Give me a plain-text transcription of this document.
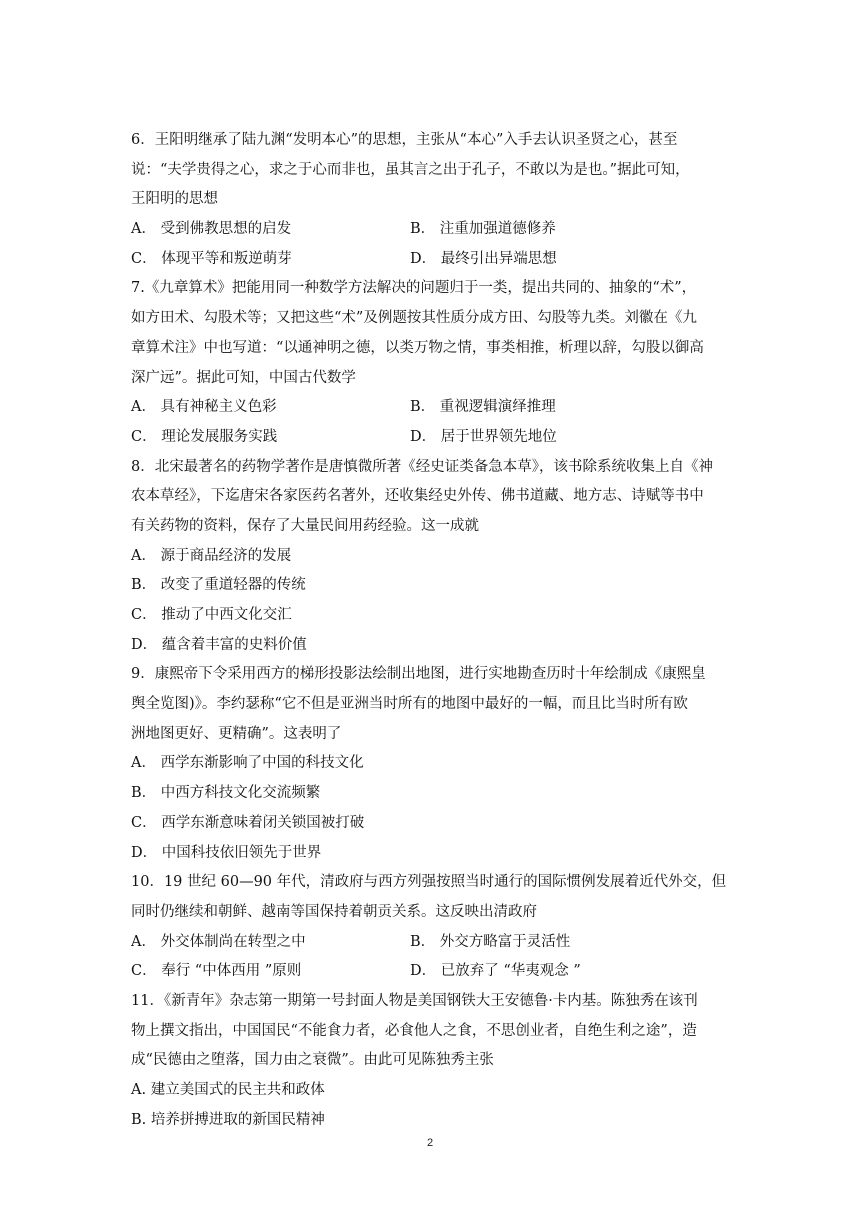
6．王阳明继承了陆九渊“发明本心”的思想，主张从“本心”入手去认识圣贤之心，甚至
说：“夫学贵得之心，求之于心而非也，虽其言之出于孔子，不敢以为是也。”据此可知，
王阳明的思想
A． 受到佛教思想的启发	B． 注重加强道德修养
C． 体现平等和叛逆萌芽	D． 最终引出异端思想
7.《九章算术》把能用同一种数学方法解决的问题归于一类，提出共同的、抽象的“术”，
如方田术、勾股术等；又把这些“术”及例题按其性质分成方田、勾股等九类。刘徽在《九
章算术注》中也写道：“以通神明之德，以类万物之情，事类相推，析理以辞，勾股以御高
深广远”。据此可知，中国古代数学
A． 具有神秘主义色彩	B． 重视逻辑演绎推理
C． 理论发展服务实践	D． 居于世界领先地位
8．北宋最著名的药物学著作是唐慎微所著《经史证类备急本草》，该书除系统收集上自《神
农本草经》，下迄唐宋各家医药名著外，还收集经史外传、佛书道藏、地方志、诗赋等书中
有关药物的资料，保存了大量民间用药经验。这一成就
A． 源于商品经济的发展
B． 改变了重道轻器的传统
C． 推动了中西文化交汇
D． 蕴含着丰富的史料价值
9．康熙帝下令采用西方的梯形投影法绘制出地图，进行实地勘查历时十年绘制成《康熙皇
舆全览图)》。李约瑟称“它不但是亚洲当时所有的地图中最好的一幅，而且比当时所有欧
洲地图更好、更精确”。这表明了
A． 西学东渐影响了中国的科技文化
B． 中西方科技文化交流频繁
C． 西学东渐意味着闭关锁国被打破
D． 中国科技依旧领先于世界
10．19 世纪 60—90 年代，清政府与西方列强按照当时通行的国际惯例发展着近代外交，但
同时仍继续和朝鲜、越南等国保持着朝贡关系。这反映出清政府
A． 外交体制尚在转型之中	B． 外交方略富于灵活性
C． 奉行 “中体西用 ”原则	D． 已放弃了 “华夷观念 ”
11．《新青年》杂志第一期第一号封面人物是美国钢铁大王安德鲁·卡内基。陈独秀在该刊
物上撰文指出，中国国民“不能食力者，必食他人之食，不思创业者，自绝生利之途”，造
成“民德由之堕落，国力由之衰微”。由此可见陈独秀主张
A. 建立美国式的民主共和政体
B. 培养拼搏进取的新国民精神
2
